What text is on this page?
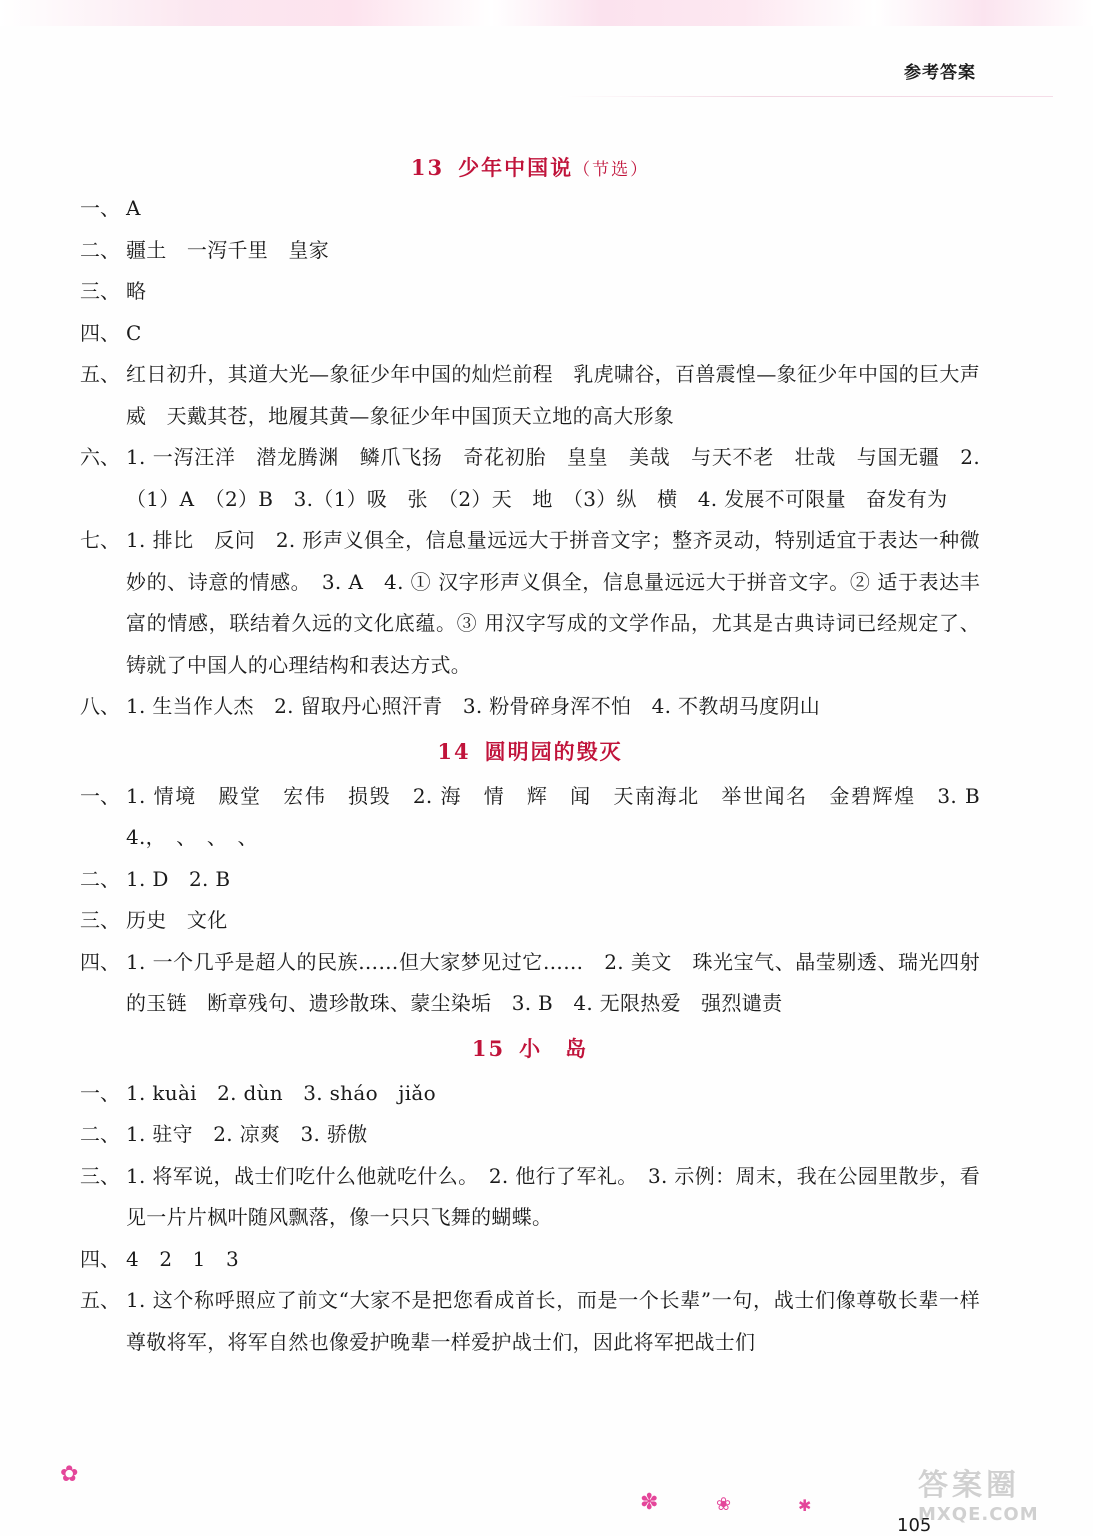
参考答案
13 少年中国说（节选）
一、 A
二、 疆土　一泻千里　皇家
三、 略
四、 C
五、 红日初升，其道大光—象征少年中国的灿烂前程　乳虎啸谷，百兽震惶—象征少年中国的巨大声威　天戴其苍，地履其黄—象征少年中国顶天立地的高大形象
六、 1. 一泻汪洋　潜龙腾渊　鳞爪飞扬　奇花初胎　皇皇　美哉　与天不老　壮哉　与国无疆　2.（1）A　（2）B　3.（1）吸　张　（2）天　地　（3）纵　横　4. 发展不可限量　奋发有为
七、 1. 排比　反问　2. 形声义俱全，信息量远远大于拼音文字；整齐灵动，特别适宜于表达一种微妙的、诗意的情感。　3. A　4. ① 汉字形声义俱全，信息量远远大于拼音文字。② 适于表达丰富的情感，联结着久远的文化底蕴。③ 用汉字写成的文学作品，尤其是古典诗词已经规定了、铸就了中国人的心理结构和表达方式。
八、 1. 生当作人杰　2. 留取丹心照汗青　3. 粉骨碎身浑不怕　4. 不教胡马度阴山
14 圆明园的毁灭
一、 1. 情境　殿堂　宏伟　损毁　2. 海　情　辉　闻　天南海北　举世闻名　金碧辉煌　3. B　4.，　、　、　、
二、 1. D　2. B
三、 历史　文化
四、 1. 一个几乎是超人的民族……但大家梦见过它……　2. 美文　珠光宝气、晶莹剔透、瑞光四射的玉链　断章残句、遗珍散珠、蒙尘染垢　3. B　4. 无限热爱　强烈谴责
15 小　岛
一、 1. kuài　2. dùn　3. sháo　jiǎo
二、 1. 驻守　2. 凉爽　3. 骄傲
三、 1. 将军说，战士们吃什么他就吃什么。　2. 他行了军礼。　3. 示例：周末，我在公园里散步，看见一片片枫叶随风飘落，像一只只飞舞的蝴蝶。
四、 4　2　1　3
五、 1. 这个称呼照应了前文“大家不是把您看成首长，而是一个长辈”一句，战士们像尊敬长辈一样尊敬将军，将军自然也像爱护晚辈一样爱护战士们，因此将军把战士们
✿
✽	❀	✱
105
答案圈
MXQE.COM
